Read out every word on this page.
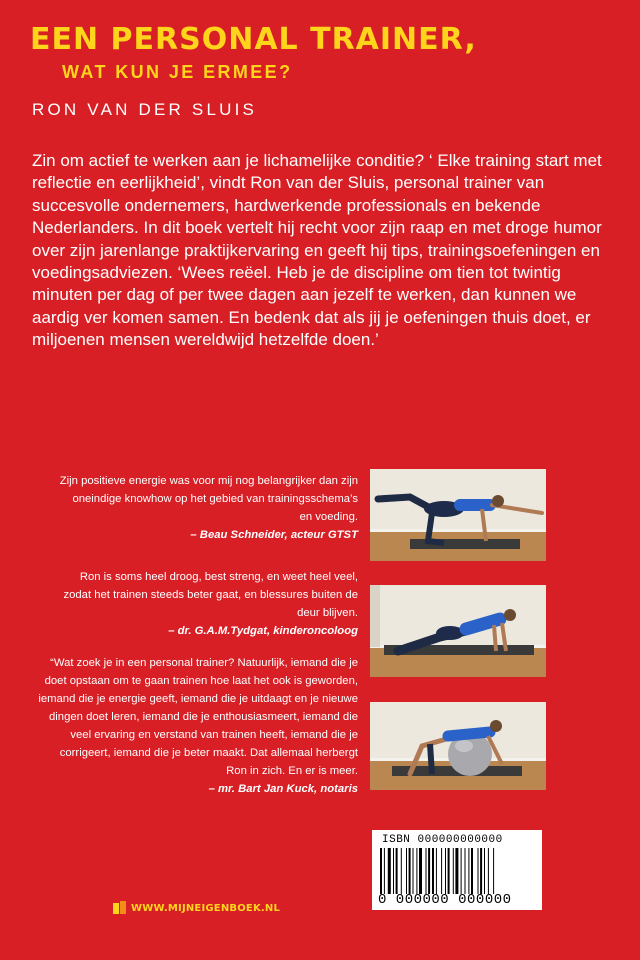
EEN PERSONAL TRAINER,
WAT KUN JE ERMEE?
RON VAN DER SLUIS
Zin om actief te werken aan je lichamelijke conditie? ‘ Elke training start met reflectie en eerlijkheid’, vindt Ron van der Sluis, personal trainer van succesvolle ondernemers, hardwerkende professionals en bekende Nederlanders. In dit boek vertelt hij recht voor zijn raap en met droge humor over zijn jarenlange praktijkervaring en geeft hij tips, trainingsoefeningen en voedingsadviezen. ‘Wees reëel. Heb je de discipline om tien tot twintig minuten per dag of per twee dagen aan jezelf te werken, dan kunnen we aardig ver komen samen. En bedenk dat als jij je oefeningen thuis doet, er miljoenen mensen wereldwijd hetzelfde doen.’
Zijn positieve energie was voor mij nog belangrijker dan zijn oneindige knowhow op het gebied van trainingsschema’s en voeding.
– Beau Schneider, acteur GTST
Ron is soms heel droog, best streng, en weet heel veel, zodat het trainen steeds beter gaat, en blessures buiten de deur blijven.
– dr. G.A.M.Tydgat, kinderoncoloog
“Wat zoek je in een personal trainer? Natuurlijk, iemand die je doet opstaan om te gaan trainen hoe laat het ook is geworden, iemand die je energie geeft, iemand die je uitdaagt en je nieuwe dingen doet leren, iemand die je enthousiasmeert, iemand die veel ervaring en verstand van trainen heeft, iemand die je corrigeert, iemand die je beter maakt. Dat allemaal herbergt Ron in zich. En er is meer.
– mr. Bart Jan Kuck, notaris
ISBN 000000000000
0 000000 000000
WWW.MIJNEIGENBOEK.NL
